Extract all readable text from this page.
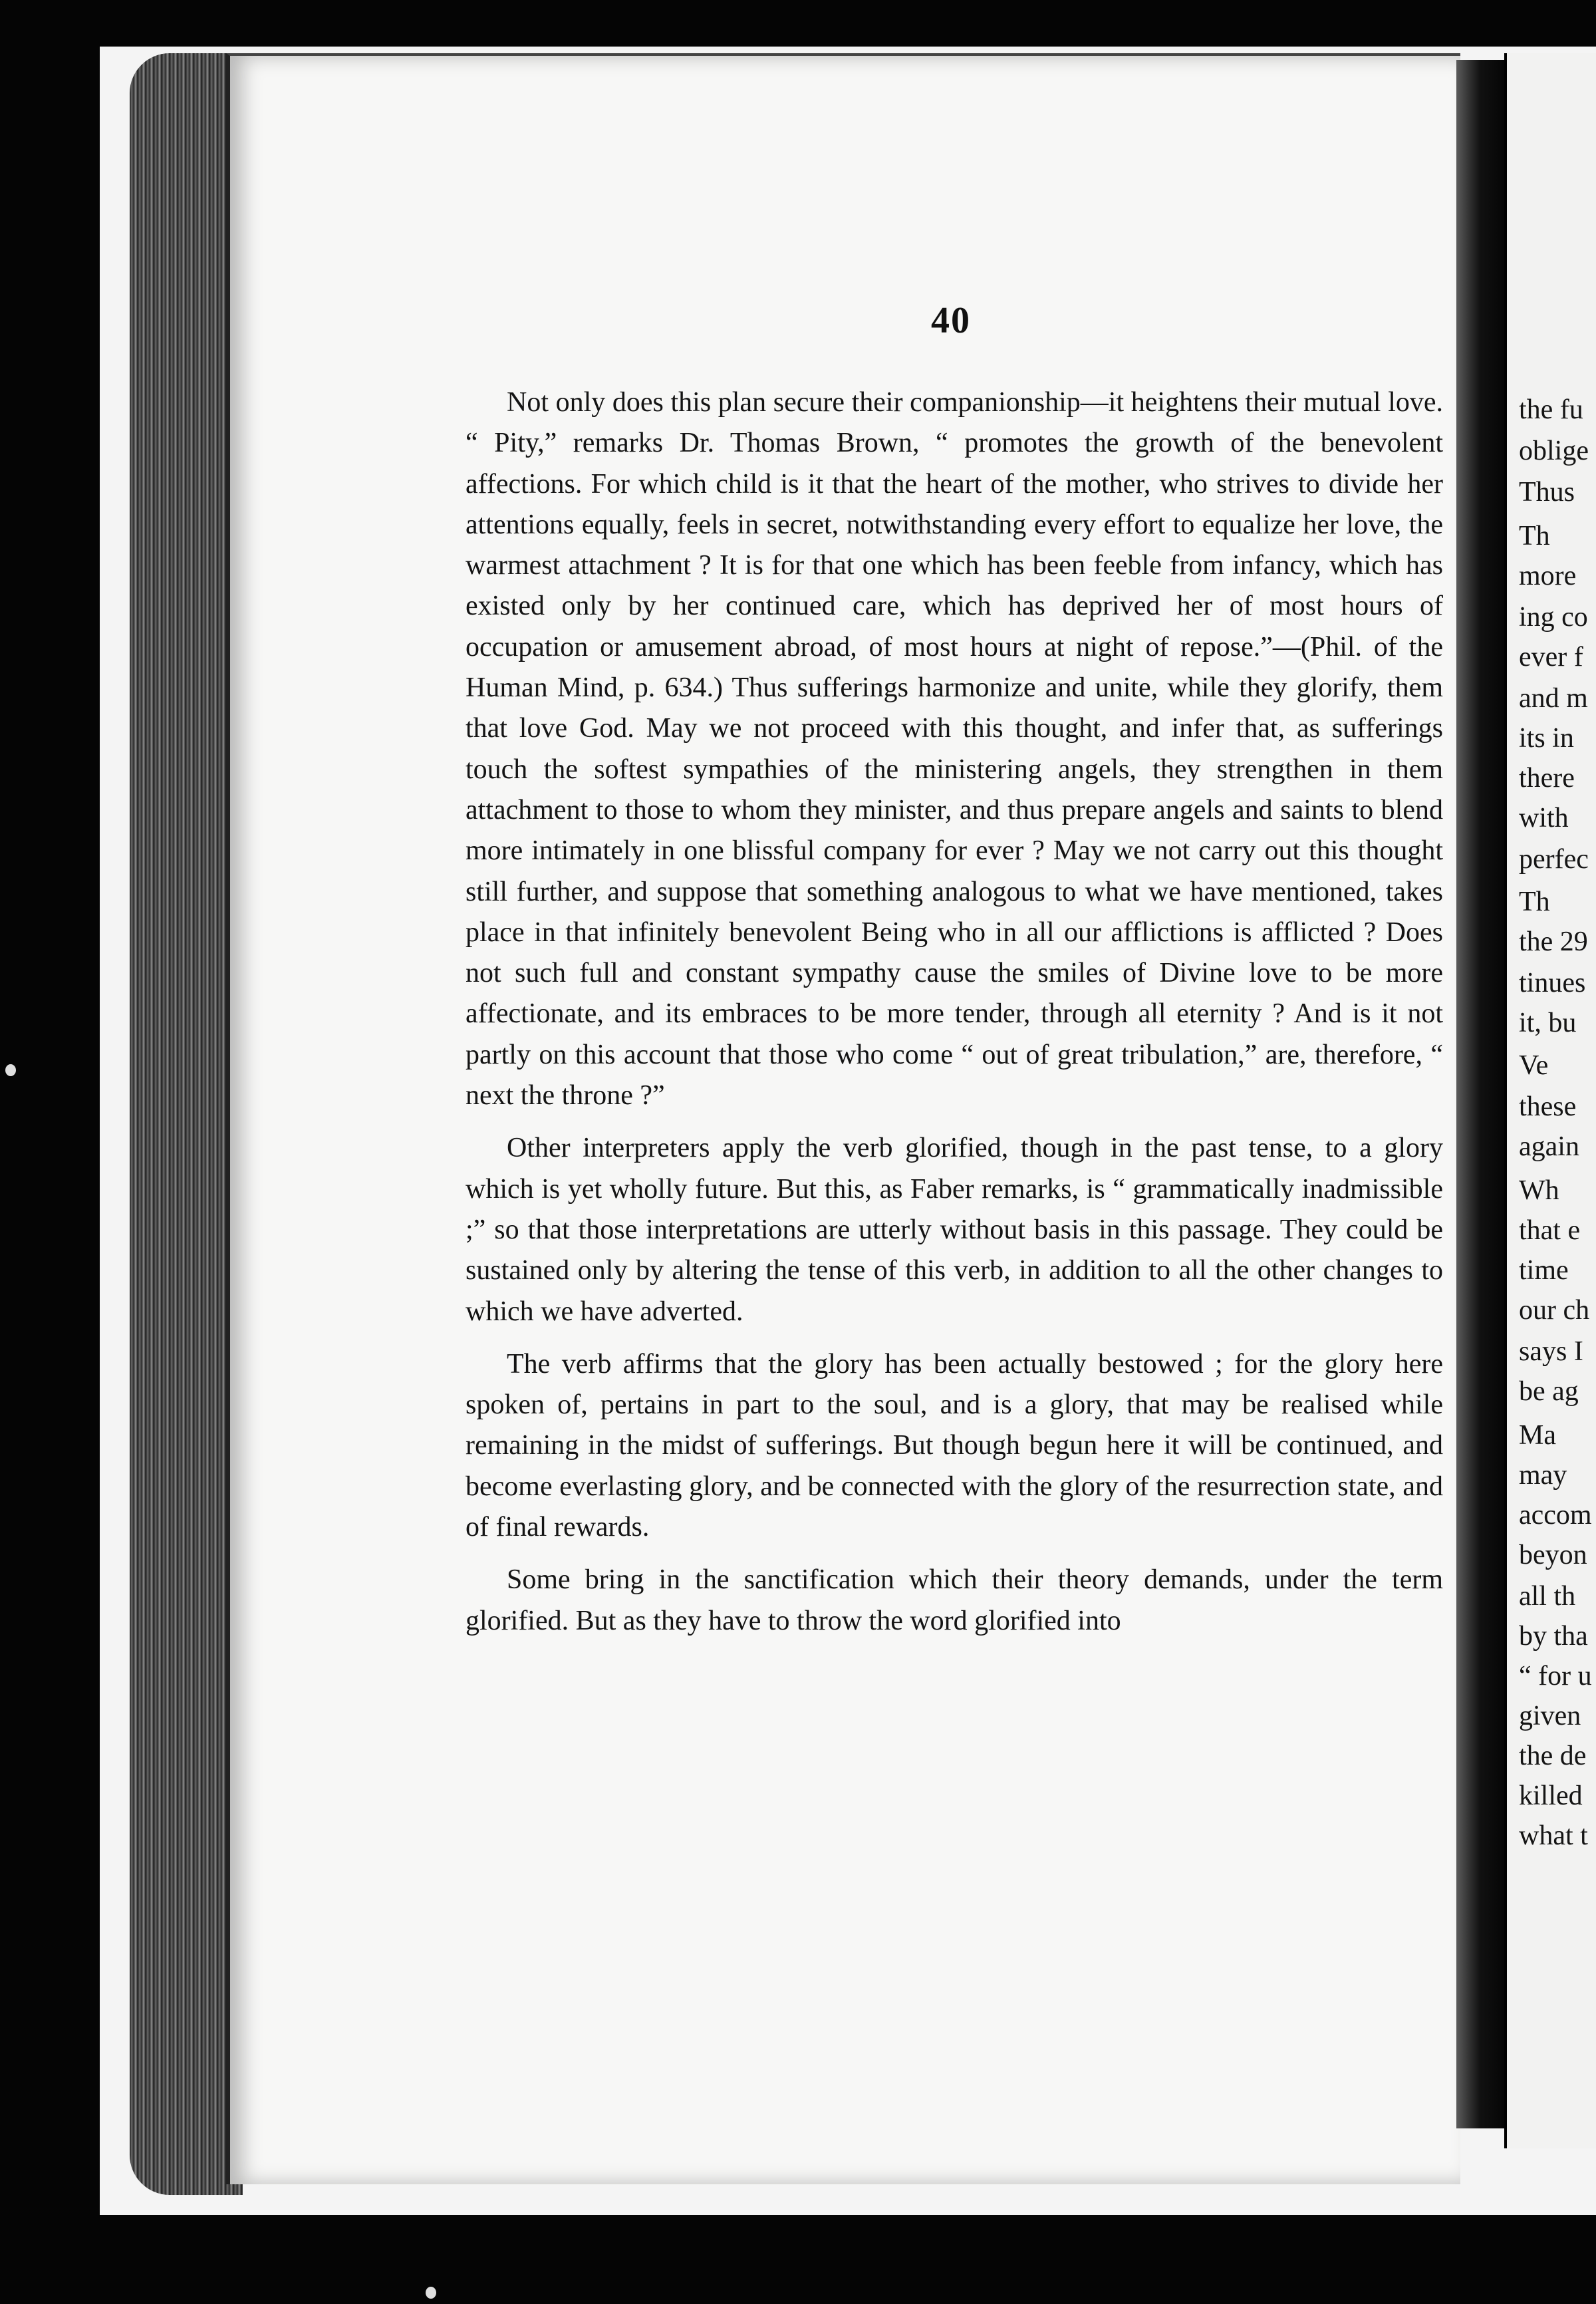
40

Not only does this plan secure their companionship—it heightens their mutual love. “ Pity,” remarks Dr. Thomas Brown, “ promotes the growth of the benevolent affections. For which child is it that the heart of the mother, who strives to divide her attentions equally, feels in secret, notwithstanding every effort to equalize her love, the warmest attachment ? It is for that one which has been feeble from infancy, which has existed only by her continued care, which has deprived her of most hours of occupation or amusement abroad, of most hours at night of repose.”—(Phil. of the Human Mind, p. 634.) Thus sufferings harmonize and unite, while they glorify, them that love God. May we not proceed with this thought, and infer that, as sufferings touch the softest sympathies of the ministering angels, they strengthen in them attachment to those to whom they minister, and thus prepare angels and saints to blend more intimately in one blissful company for ever ? May we not carry out this thought still further, and suppose that something analogous to what we have mentioned, takes place in that infinitely benevolent Being who in all our afflictions is afflicted ? Does not such full and constant sympathy cause the smiles of Divine love to be more affectionate, and its embraces to be more tender, through all eternity ? And is it not partly on this account that those who come “ out of great tribulation,” are, therefore, “ next the throne ?”

Other interpreters apply the verb glorified, though in the past tense, to a glory which is yet wholly future. But this, as Faber remarks, is “ grammatically inadmissible ;” so that those interpretations are utterly without basis in this passage. They could be sustained only by altering the tense of this verb, in addition to all the other changes to which we have adverted.

The verb affirms that the glory has been actually bestowed ; for the glory here spoken of, pertains in part to the soul, and is a glory, that may be realised while remaining in the midst of sufferings. But though begun here it will be continued, and become everlasting glory, and be connected with the glory of the resurrection state, and of final rewards.

Some bring in the sanctification which their theory demands, under the term glorified. But as they have to throw the word glorified into

the fu
oblige
Thus
Th
more
ing co
ever f
and m
its in
there
with
perfec
Th
the 29
tinues
it, bu
Ve
these
again
Wh
that e
time
our ch
says I
be ag
Ma
may
accom
beyon
all th
by tha
“ for u
given
the de
killed
what t
